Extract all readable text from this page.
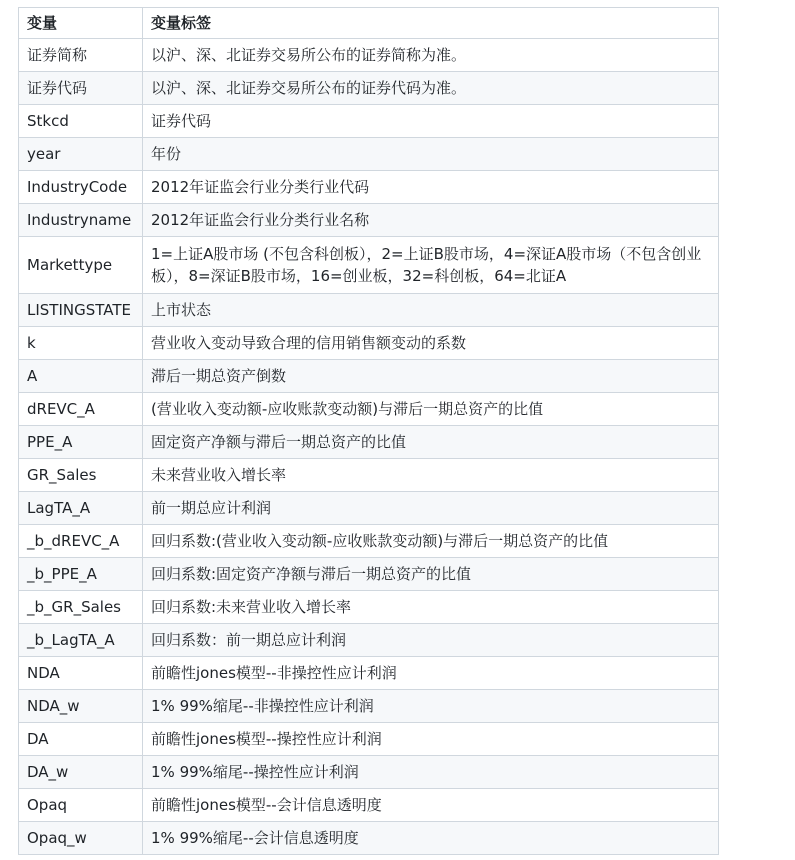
变量	变量标签
证券简称	以沪、深、北证券交易所公布的证券简称为准。
证券代码	以沪、深、北证券交易所公布的证券代码为准。
Stkcd	证券代码
year	年份
IndustryCode	2012年证监会行业分类行业代码
Industryname	2012年证监会行业分类行业名称
Markettype	1=上证A股市场 (不包含科创板），2=上证B股市场，4=深证A股市场（不包含创业板），8=深证B股市场，16=创业板，32=科创板，64=北证A
LISTINGSTATE	上市状态
k	营业收入变动导致合理的信用销售额变动的系数
A	滞后一期总资产倒数
dREVC_A	(营业收入变动额-应收账款变动额)与滞后一期总资产的比值
PPE_A	固定资产净额与滞后一期总资产的比值
GR_Sales	未来营业收入增长率
LagTA_A	前一期总应计利润
_b_dREVC_A	回归系数:(营业收入变动额-应收账款变动额)与滞后一期总资产的比值
_b_PPE_A	回归系数:固定资产净额与滞后一期总资产的比值
_b_GR_Sales	回归系数:未来营业收入增长率
_b_LagTA_A	回归系数：前一期总应计利润
NDA	前瞻性jones模型--非操控性应计利润
NDA_w	1% 99%缩尾--非操控性应计利润
DA	前瞻性jones模型--操控性应计利润
DA_w	1% 99%缩尾--操控性应计利润
Opaq	前瞻性jones模型--会计信息透明度
Opaq_w	1% 99%缩尾--会计信息透明度
